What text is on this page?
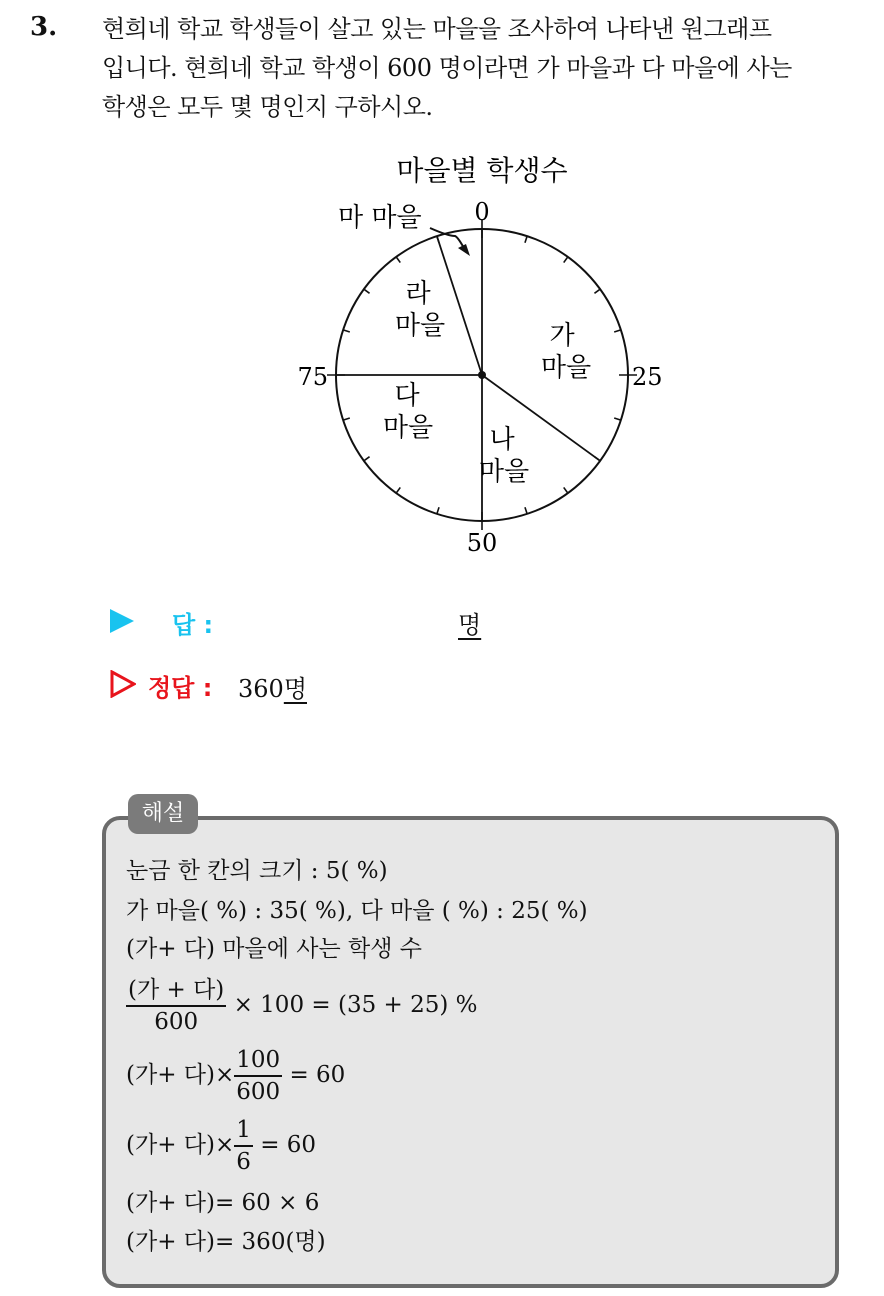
3. 현희네 학교 학생들이 살고 있는 마을을 조사하여 나타낸 원그래프
입니다. 현희네 학교 학생이 600 명이라면 가 마을과 다 마을에 사는
학생은 모두 몇 명인지 구하시오.
마을별 학생수
0
25
50
75
가
마을
나
마을
다
마을
라
마을
마 마을
답 :	명
정답 : 360명
해설
눈금 한 칸의 크기 : 5( %)
가 마을( %) : 35( %), 다 마을 ( %) : 25( %)
(가+ 다) 마을에 사는 학생 수
$\frac{\text{(가 + 다)}}{600} \times 100 = (35 + 25)$ %
(가+ 다)× $\frac{100}{600} = 60$
(가+ 다)× $\frac{1}{6} = 60$
(가+ 다)= 60 × 6
(가+ 다)= 360(명)
